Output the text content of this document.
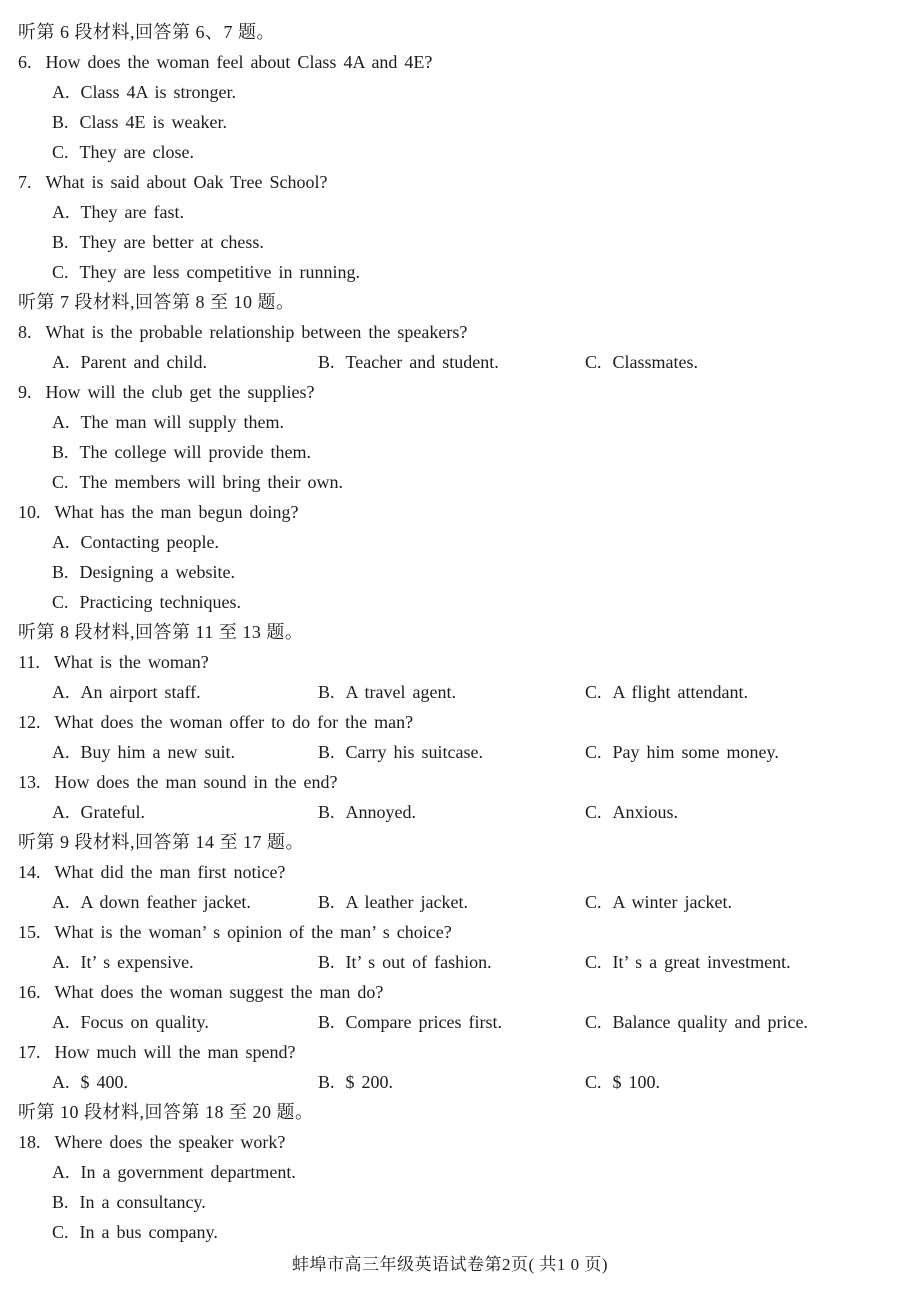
听第 6 段材料,回答第 6、7 题。
6. How does the woman feel about Class 4A and 4E?
A. Class 4A is stronger.
B. Class 4E is weaker.
C. They are close.
7. What is said about Oak Tree School?
A. They are fast.
B. They are better at chess.
C. They are less competitive in running.
听第 7 段材料,回答第 8 至 10 题。
8. What is the probable relationship between the speakers?
A. Parent and child.	B. Teacher and student.	C. Classmates.
9. How will the club get the supplies?
A. The man will supply them.
B. The college will provide them.
C. The members will bring their own.
10. What has the man begun doing?
A. Contacting people.
B. Designing a website.
C. Practicing techniques.
听第 8 段材料,回答第 11 至 13 题。
11. What is the woman?
A. An airport staff.	B. A travel agent.	C. A flight attendant.
12. What does the woman offer to do for the man?
A. Buy him a new suit.	B. Carry his suitcase.	C. Pay him some money.
13. How does the man sound in the end?
A. Grateful.	B. Annoyed.	C. Anxious.
听第 9 段材料,回答第 14 至 17 题。
14. What did the man first notice?
A. A down feather jacket.	B. A leather jacket.	C. A winter jacket.
15. What is the woman’ s opinion of the man’ s choice?
A. It’ s expensive.	B. It’ s out of fashion.	C. It’ s a great investment.
16. What does the woman suggest the man do?
A. Focus on quality.	B. Compare prices first.	C. Balance quality and price.
17. How much will the man spend?
A. $ 400.	B. $ 200.	C. $ 100.
听第 10 段材料,回答第 18 至 20 题。
18. Where does the speaker work?
A. In a government department.
B. In a consultancy.
C. In a bus company.
蚌埠市高三年级英语试卷第2页( 共1 0 页)
